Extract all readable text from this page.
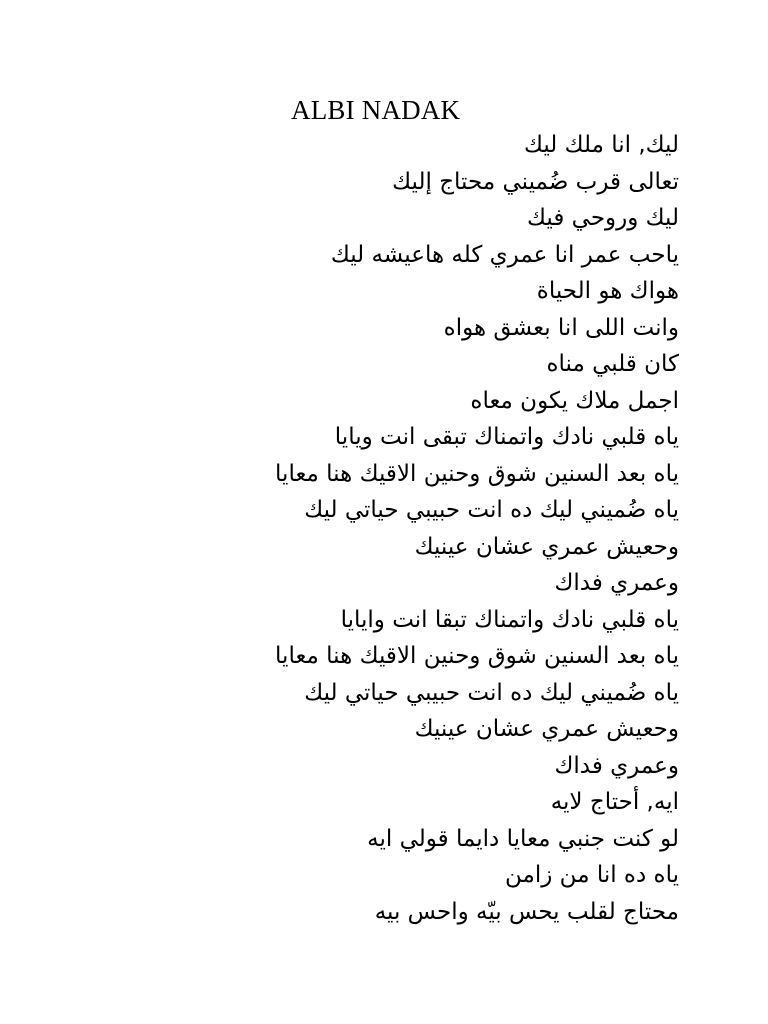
ALBI NADAK
ليك, انا ملك ليك
تعالى قرب ضُميني محتاج إليك
ليك وروحي فيك
ياحب عمر انا عمري كله هاعيشه ليك
هواك هو الحياة
وانت اللى انا بعشق هواه
كان قلبي مناه
اجمل ملاك يكون معاه
ياه قلبي نادك واتمناك تبقى انت ويايا
ياه بعد السنين شوق وحنين الاقيك هنا معايا
ياه ضُميني ليك ده انت حبيبي حياتي ليك
وحعيش عمري عشان عينيك
وعمري فداك
ياه قلبي نادك واتمناك تبقا انت وايايا
ياه بعد السنين شوق وحنين الاقيك هنا معايا
ياه ضُميني ليك ده انت حبيبي حياتي ليك
وحعيش عمري عشان عينيك
وعمري فداك
ايه, أحتاج لايه
لو كنت جنبي معايا دايما قولي ايه
ياه ده انا من زامن
محتاج لقلب يحس بيّه واحس بيه
